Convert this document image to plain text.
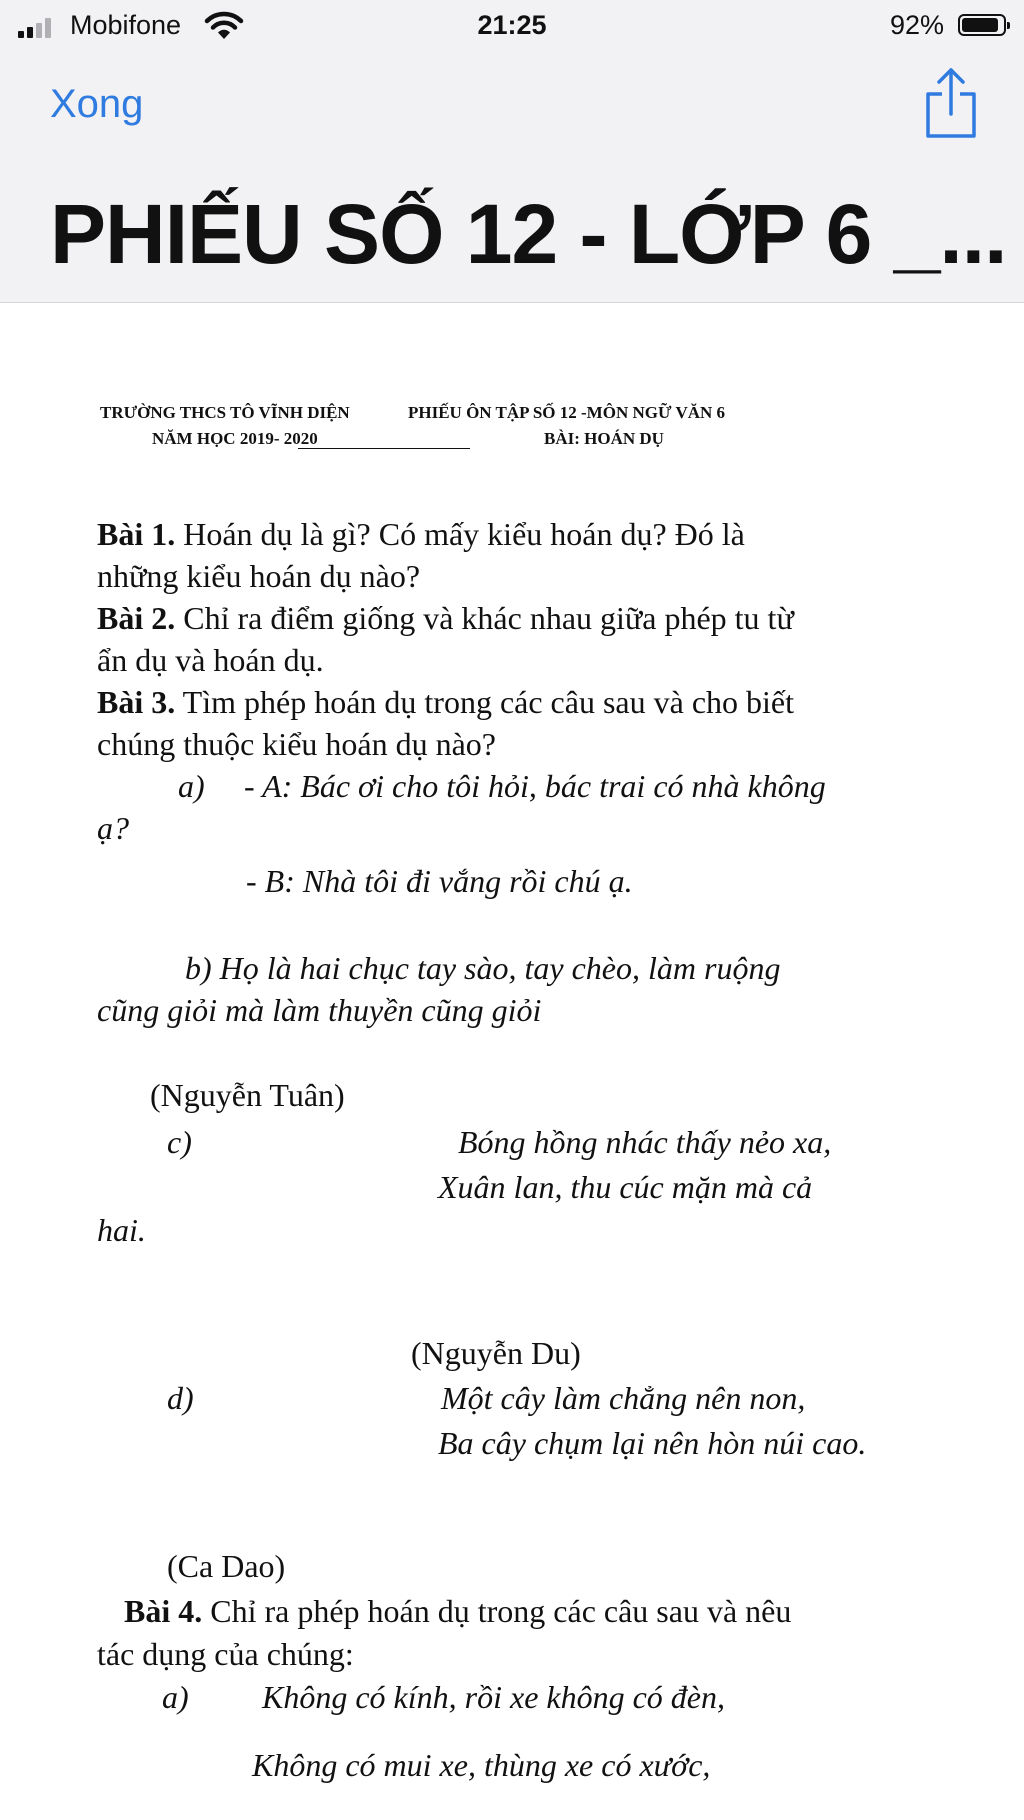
Mobifone	21:25	92%
Xong
PHIẾU SỐ 12 - LỚP 6 _...
TRƯỜNG THCS TÔ VĨNH DIỆN	PHIẾU ÔN TẬP SỐ 12 -MÔN NGỮ VĂN 6
NĂM HỌC 2019- 2020	BÀI: HOÁN DỤ
Bài 1. Hoán dụ là gì? Có mấy kiểu hoán dụ? Đó là
những kiểu hoán dụ nào?
Bài 2. Chỉ ra điểm giống và khác nhau giữa phép tu từ
ẩn dụ và hoán dụ.
Bài 3. Tìm phép hoán dụ trong các câu sau và cho biết
chúng thuộc kiểu hoán dụ nào?
a) - A: Bác ơi cho tôi hỏi, bác trai có nhà không
ạ?
- B: Nhà tôi đi vắng rồi chú ạ.
b) Họ là hai chục tay sào, tay chèo, làm ruộng
cũng giỏi mà làm thuyền cũng giỏi
(Nguyễn Tuân)
c)	Bóng hồng nhác thấy nẻo xa,
Xuân lan, thu cúc mặn mà cả
hai.
(Nguyễn Du)
d)	Một cây làm chẳng nên non,
Ba cây chụm lại nên hòn núi cao.
(Ca Dao)
Bài 4. Chỉ ra phép hoán dụ trong các câu sau và nêu
tác dụng của chúng:
a) Không có kính, rồi xe không có đèn,
Không có mui xe, thùng xe có xước,
